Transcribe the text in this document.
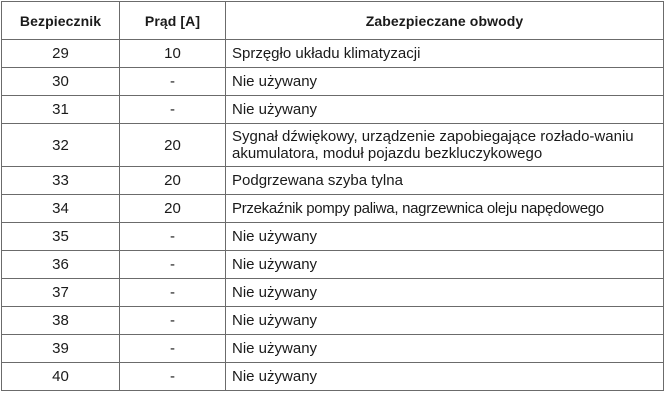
Bezpiecznik	Prąd [A]	Zabezpieczane obwody
29	10	Sprzęgło układu klimatyzacji
30	-	Nie używany
31	-	Nie używany
32	20	Sygnał dźwiękowy, urządzenie zapobiegające rozłado-waniu akumulatora, moduł pojazdu bezkluczykowego
33	20	Podgrzewana szyba tylna
34	20	Przekaźnik pompy paliwa, nagrzewnica oleju napędowego
35	-	Nie używany
36	-	Nie używany
37	-	Nie używany
38	-	Nie używany
39	-	Nie używany
40	-	Nie używany
